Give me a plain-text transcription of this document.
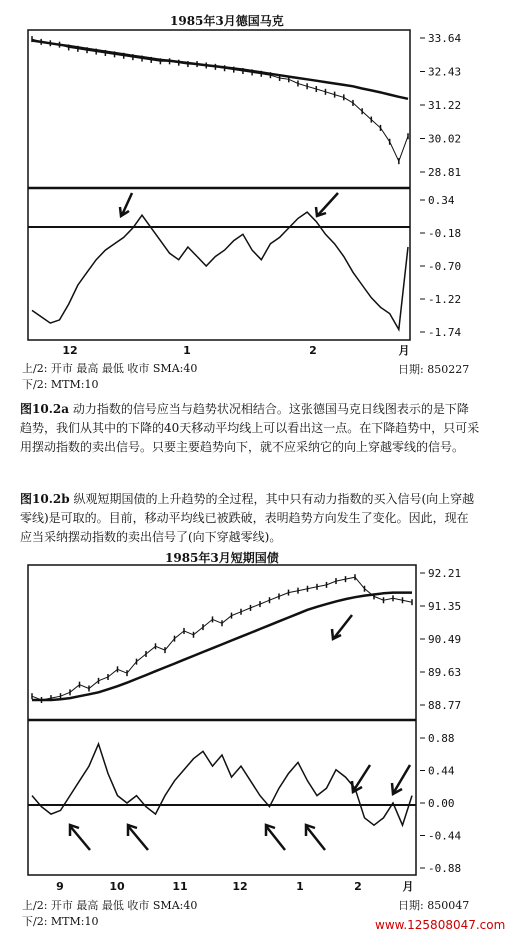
1985年3月德国马克
33.64
32.43
31.22
30.02
28.81
0.34
-0.18
-0.70
-1.22
-1.74
12	1	2	月
上/2: 开市 最高 最低 收市 SMA:40
下/2: MTM:10
日期: 850227
图10.2a 动力指数的信号应当与趋势状况相结合。这张德国马克日线图表示的是下降趋势，我们从其中的下降的40天移动平均线上可以看出这一点。在下降趋势中，只可采用摆动指数的卖出信号。只要主要趋势向下，就不应采纳它的向上穿越零线的信号。
图10.2b 纵观短期国债的上升趋势的全过程，其中只有动力指数的买入信号(向上穿越零线)是可取的。目前，移动平均线已被跌破，表明趋势方向发生了变化。因此，现在应当采纳摆动指数的卖出信号了(向下穿越零线)。
1985年3月短期国债
92.21
91.35
90.49
89.63
88.77
0.88
0.44
0.00
-0.44
-0.88
9	10	11	12	1	2	月
上/2: 开市 最高 最低 收市 SMA:40
下/2: MTM:10
日期: 850047
www.125808047.com
